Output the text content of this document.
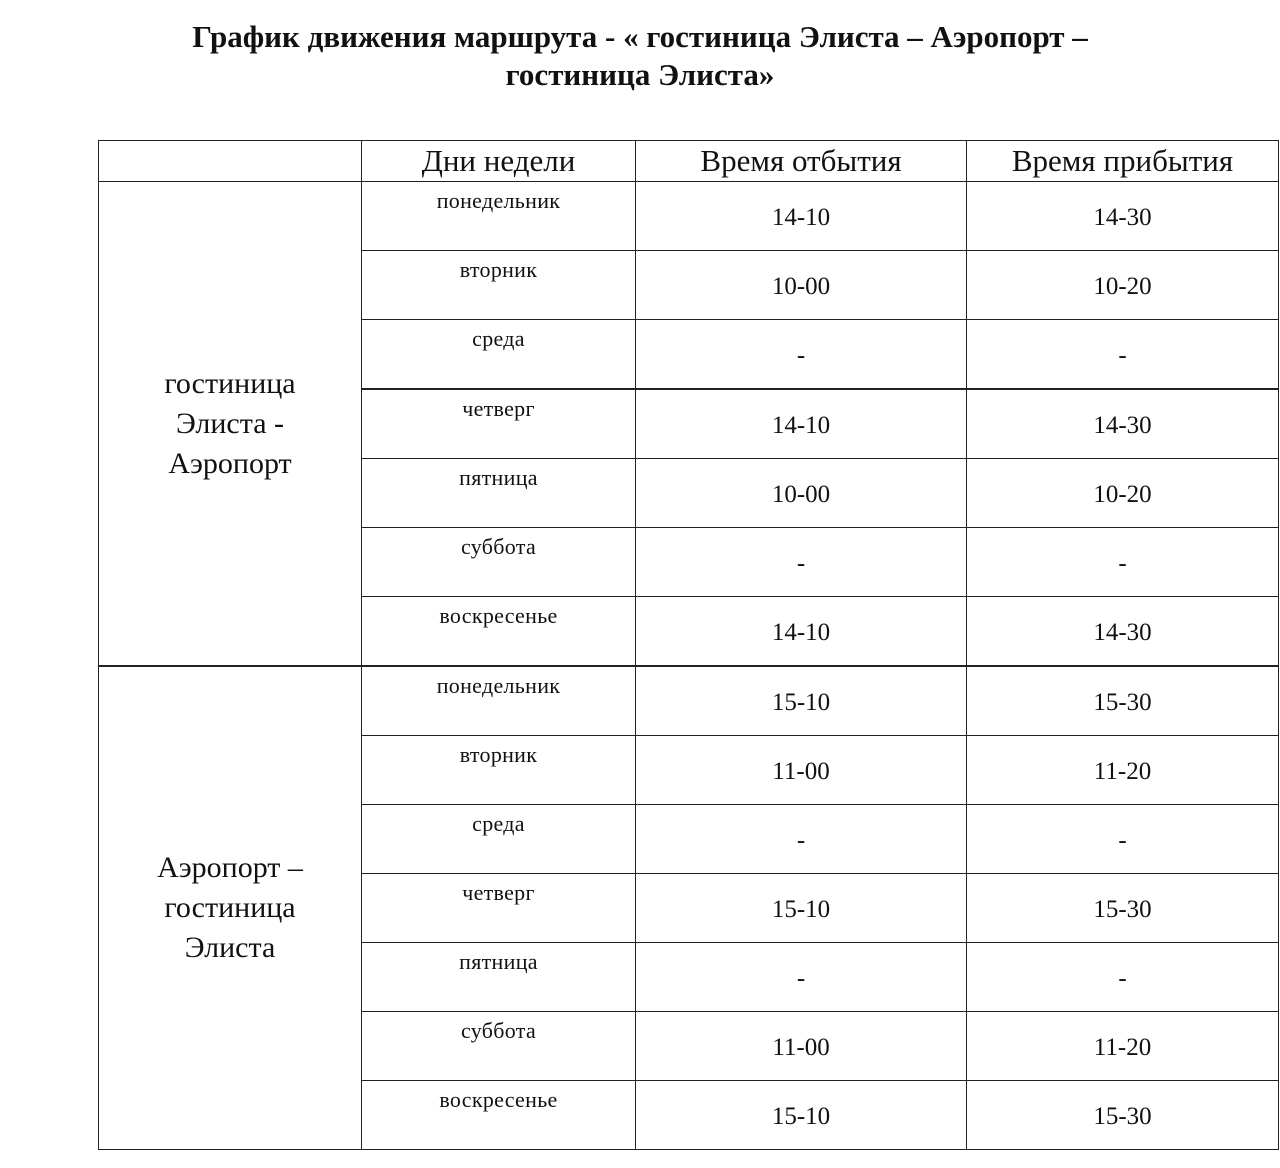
График движения маршрута - « гостиница Элиста – Аэропорт –
гостиница Элиста»
	Дни недели	Время отбытия	Время прибытия

гостиница
Элиста -
Аэропорт	понедельник	14-10	14-30
	вторник	10-00	10-20
	среда	-	-
	четверг	14-10	14-30
	пятница	10-00	10-20
	суббота	-	-
	воскресенье	14-10	14-30

Аэропорт –
гостиница
Элиста	понедельник	15-10	15-30
	вторник	11-00	11-20
	среда	-	-
	четверг	15-10	15-30
	пятница	-	-
	суббота	11-00	11-20
	воскресенье	15-10	15-30
